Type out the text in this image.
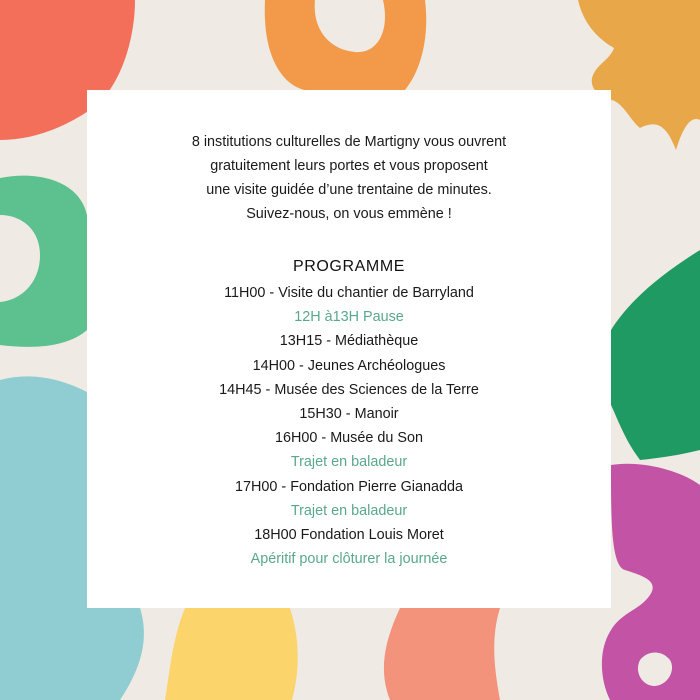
8 institutions culturelles de Martigny vous ouvrent
gratuitement leurs portes et vous proposent
une visite guidée d’une trentaine de minutes.
Suivez-nous, on vous emmène !
PROGRAMME
11H00 - Visite du chantier de Barryland
12H à13H Pause
13H15 - Médiathèque
14H00 - Jeunes Archéologues
14H45 - Musée des Sciences de la Terre
15H30 - Manoir
16H00 - Musée du Son
Trajet en baladeur
17H00 - Fondation Pierre Gianadda
Trajet en baladeur
18H00 Fondation Louis Moret
Apéritif pour clôturer la journée
